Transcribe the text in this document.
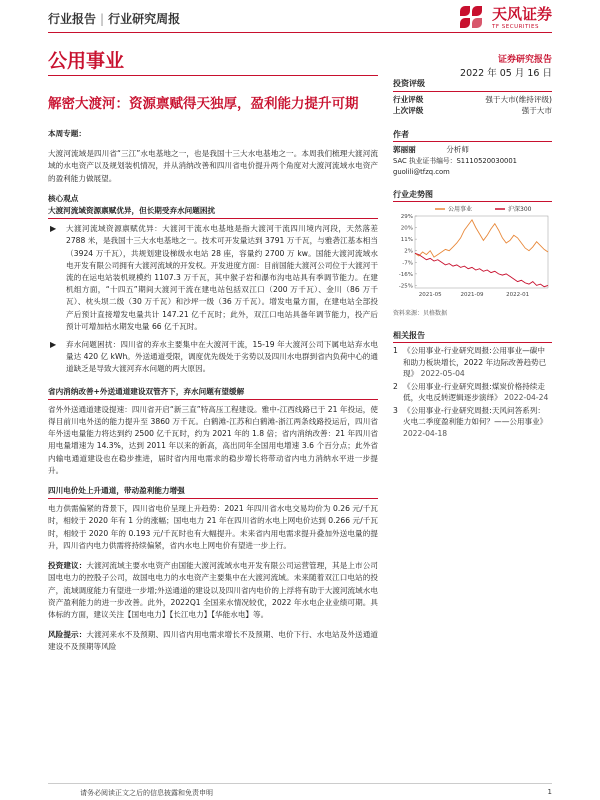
行业报告 | 行业研究周报	天风证券
TF SECURITIES
公用事业	证券研究报告
2022 年 05 月 16 日
解密大渡河：资源禀赋得天独厚，盈利能力提升可期
本周专题：

大渡河流域是四川省“三江”水电基地之一，也是我国十三大水电基地之一。本周我们梳理大渡河流域的水电资产以及规划装机情况，并从消纳改善和四川省电价提升两个角度对大渡河流域水电资产的盈利能力做展望。

核心观点
大渡河流域资源禀赋优异，但长期受弃水问题困扰
▶	大渡河流域资源禀赋优异：大渡河干流水电基地是指大渡河干流四川境内河段，天然落差 2788 米，是我国十三大水电基地之一。技术可开发量达到 3791 万千瓦，与雅砻江基本相当（3924 万千瓦），共规划建设梯级水电站 28 座，容量约 2700 万 kw。国能大渡河流域水电开发有限公司拥有大渡河流域的开发权。开发进度方面：目前国能大渡河公司位于大渡河干流的在运电站装机规模约 1107.3 万千瓦，其中猴子岩和瀑布沟电站具有季调节能力。在建机组方面，“十四五”期间大渡河干流在建电站包括双江口（200 万千瓦）、金川（86 万千瓦）、枕头坝二级（30 万千瓦）和沙坪一级（36 万千瓦）。增发电量方面，在建电站全部投产后预计直接增发电量共计 147.21 亿千瓦时；此外，双江口电站具备年调节能力，投产后预计可增加枯水期发电量 66 亿千瓦时。
▶	弃水问题困扰：四川省的弃水主要集中在大渡河干流，15-19 年大渡河公司下属电站弃水电量达 420 亿 kWh。外送通道受限，调度优先级处于劣势以及四川水电群到省内负荷中心的通道缺乏是导致大渡河弃水问题的两大原因。
省内消纳改善+外送通道建设双管齐下，弃水问题有望缓解

省外外送通道建设提速：四川省开启“新三直”特高压工程建设。雅中-江西线路已于 21 年投运，使得目前川电外送的能力提升至 3860 万千瓦。白鹤滩-江苏和白鹤滩-浙江两条线路投运后，四川省年外送电量能力将达到约 2500 亿千瓦时，约为 2021 年的 1.8 倍；省内消纳改善：21 年四川省用电量增速为 14.3%，达到 2011 年以来的新高，高出同年全国用电增速 3.6 个百分点；此外省内输电通道建设也在稳步推进，届时省内用电需求的稳步增长将带动省内电力消纳水平进一步提升。

四川电价处上升通道，带动盈利能力增强

电力供需偏紧的背景下，四川省电价呈现上升趋势：2021 年四川省水电交易均价为 0.26 元/千瓦时，相较于 2020 年有 1 分的涨幅；国电电力 21 年在四川省的水电上网电价达到 0.266 元/千瓦时，相较于 2020 年的 0.193 元/千瓦时也有大幅提升。未来省内用电需求提升叠加外送电量的提升，四川省内电力供需将持续偏紧，省内水电上网电价有望进一步上行。

投资建议：大渡河流域主要水电资产由国能大渡河流域水电开发有限公司运营管理，其是上市公司国电电力的控股子公司，故国电电力的水电资产主要集中在大渡河流域。未来随着双江口电站的投产，流域调度能力有望进一步增;外送通道的建设以及四川省内电价的上浮将有助于大渡河流域水电资产盈利能力的进一步改善。此外，2022Q1 全国来水情况较优，2022 年水电企业业绩可期。具体标的方面，建议关注【国电电力】【长江电力】【华能水电】等。

风险提示：大渡河来水不及预期、四川省内用电需求增长不及预期、电价下行、水电站及外送通道建设不及预期等风险

投资评级
行业评级	强于大市(维持评级)
上次评级	强于大市
作者
郭丽丽	分析师
SAC 执业证书编号：S1110520030001
guolili@tfzq.com
行业走势图
29%
20%
11%
2%
-7%
-16%
-25%
2021-05	2021-09	2022-01
公用事业	沪深300
资料来源：贝格数据
相关报告
1 《公用事业-行业研究周报:公用事业—碳中和助力板块增长，2022 年边际改善趋势已现》 2022-05-04
2 《公用事业-行业研究周报:煤炭价格持续走低，火电反转逻辑逐步演绎》 2022-04-24
3 《公用事业-行业研究周报:天风问答系列：火电二季度盈利能力如何？——公用事业》 2022-04-18
请务必阅读正文之后的信息披露和免责申明	1
